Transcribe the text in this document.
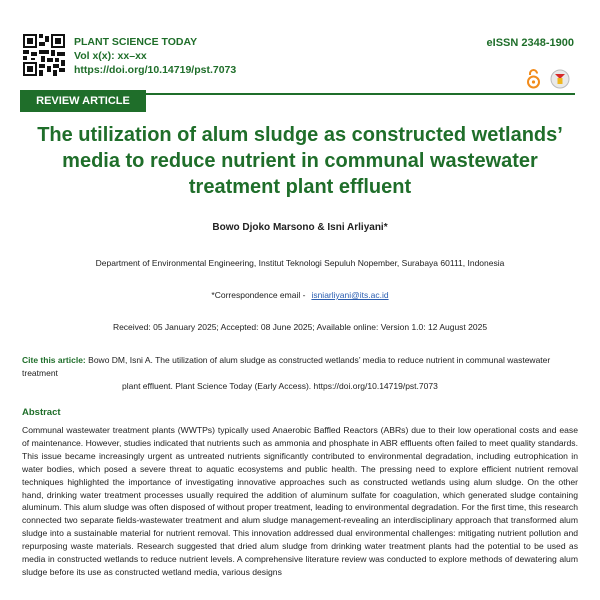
PLANT SCIENCE TODAY
Vol x(x): xx–xx
https://doi.org/10.14719/pst.7073
eISSN 2348-1900
REVIEW ARTICLE
The utilization of alum sludge as constructed wetlands’ media to reduce nutrient in communal wastewater treatment plant effluent
Bowo Djoko Marsono & Isni Arliyani*
Department of Environmental Engineering, Institut Teknologi Sepuluh Nopember, Surabaya 60111, Indonesia
*Correspondence email - isniarliyani@its.ac.id
Received: 05 January 2025; Accepted: 08 June 2025; Available online: Version 1.0: 12 August 2025
Cite this article: Bowo DM, Isni A. The utilization of alum sludge as constructed wetlands’ media to reduce nutrient in communal wastewater treatment
plant effluent. Plant Science Today (Early Access). https://doi.org/10.14719/pst.7073
Abstract
Communal wastewater treatment plants (WWTPs) typically used Anaerobic Baffled Reactors (ABRs) due to their low operational costs and ease of maintenance. However, studies indicated that nutrients such as ammonia and phosphate in ABR effluents often failed to meet quality standards. This issue became increasingly urgent as untreated nutrients significantly contributed to environmental degradation, including eutrophication in water bodies, which posed a severe threat to aquatic ecosystems and public health. The pressing need to explore efficient nutrient removal techniques highlighted the importance of investigating innovative approaches such as constructed wetlands using alum sludge. On the other hand, drinking water treatment processes usually required the addition of aluminum sulfate for coagulation, which generated sludge containing aluminum. This alum sludge was often disposed of without proper treatment, leading to environmental degradation. For the first time, this research connected two separate fields-wastewater treatment and alum sludge management-revealing an interdisciplinary approach that transformed alum sludge into a sustainable material for nutrient removal. This innovation addressed dual environmental challenges: mitigating nutrient pollution and repurposing waste materials. Research suggested that dried alum sludge from drinking water treatment plants had the potential to be used as media in constructed wetlands to reduce nutrient levels. A comprehensive literature review was conducted to explore methods of dewatering alum sludge before its use as constructed wetland media, various designs
